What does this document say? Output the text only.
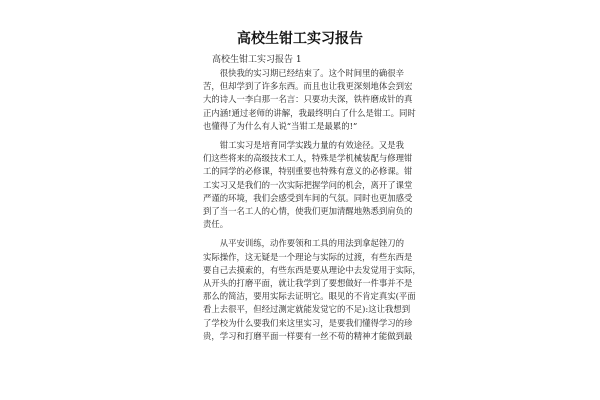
高校生钳工实习报告
高校生钳工实习报告 1

　　很快我的实习期已经结束了。这个时间里的确很辛
苦，但却学到了许多东西。而且也让我更深刻地体会到宏
大的诗人一李白那一名言：只要功夫深，铁杵磨成针的真
正内涵!通过老师的讲解，我最终明白了什么是钳工。同时
也懂得了为什么有人说“当钳工是最累的!”

　　钳工实习是培育同学实践力量的有效途径。又是我
们这些将来的高级技术工人，特殊是学机械装配与修理钳
工的同学的必修课，特别重要也特殊有意义的必修课。钳
工实习又是我们的一次实际把握学问的机会，离开了课堂
严谨的环境，我们会感受到车间的气氛。同时也更加感受
到了当一名工人的心情，使我们更加清醒地熟悉到肩负的
责任。

　　从平安训练，动作要领和工具的用法到拿起锉刀的
实际操作，这无疑是一个理论与实际的过渡，有些东西是
要自己去摸索的，有些东西是要从理论中去发觉用于实际，
从开头的打磨平面，就让我学到了要想做好一件事并不是
那么的简洁，要用实际去证明它。眼见的不肯定真实(平面
看上去很平，但经过测定就能发觉它的不足):这让我想到
了学校为什么要我们来这里实习，是要我们懂得学习的珍
贵，学习和打磨平面一样要有一丝不苟的精神才能做到最
